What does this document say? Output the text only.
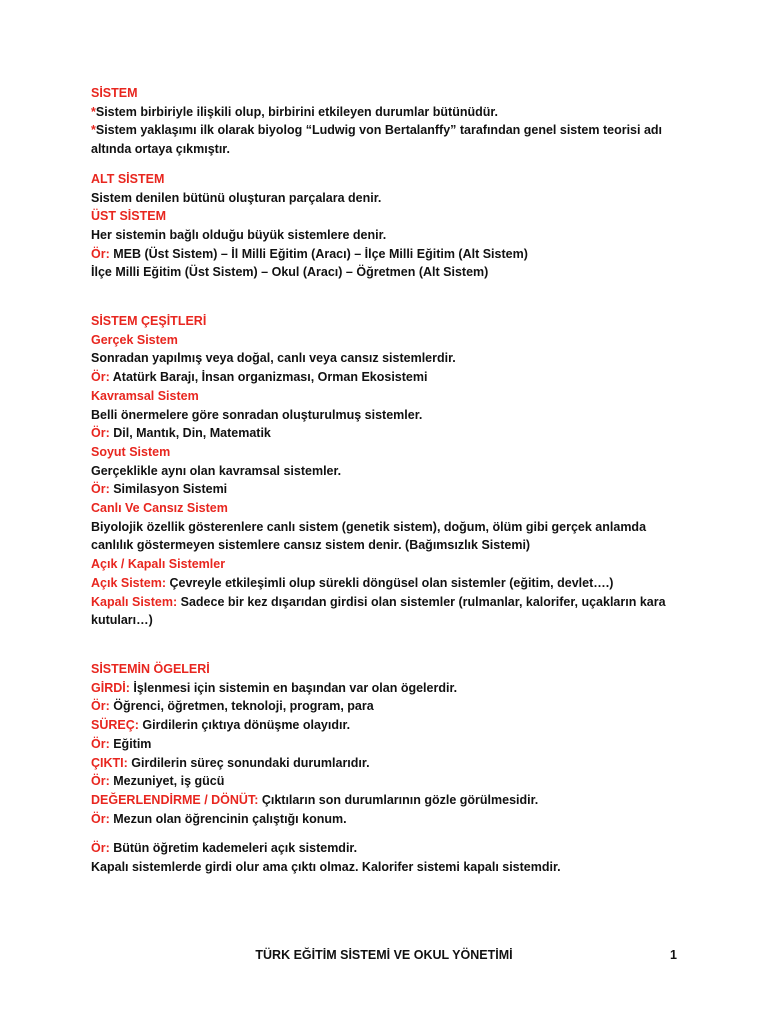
SİSTEM
*Sistem birbiriyle ilişkili olup, birbirini etkileyen durumlar bütünüdür.
*Sistem yaklaşımı ilk olarak biyolog “Ludwig von Bertalanffy” tarafından genel sistem teorisi adı altında ortaya çıkmıştır.
ALT SİSTEM
Sistem denilen bütünü oluşturan parçalara denir.
ÜST SİSTEM
Her sistemin bağlı olduğu büyük sistemlere denir.
Ör: MEB (Üst Sistem) – İl Milli Eğitim (Aracı) – İlçe Milli Eğitim (Alt Sistem)
İlçe Milli Eğitim (Üst Sistem) – Okul (Aracı) – Öğretmen (Alt Sistem)
SİSTEM ÇEŞİTLERİ
Gerçek Sistem
Sonradan yapılmış veya doğal, canlı veya cansız sistemlerdir.
Ör: Atatürk Barajı, İnsan organizması, Orman Ekosistemi
Kavramsal Sistem
Belli önermelere göre sonradan oluşturulmuş sistemler.
Ör: Dil, Mantık, Din, Matematik
Soyut Sistem
Gerçeklikle aynı olan kavramsal sistemler.
Ör: Similasyon Sistemi
Canlı Ve Cansız Sistem
Biyolojik özellik gösterenlere canlı sistem (genetik sistem), doğum, ölüm gibi gerçek anlamda canlılık göstermeyen sistemlere cansız sistem denir. (Bağımsızlık Sistemi)
Açık / Kapalı Sistemler
Açık Sistem: Çevreyle etkileşimli olup sürekli döngüsel olan sistemler (eğitim, devlet….)
Kapalı Sistem: Sadece bir kez dışarıdan girdisi olan sistemler (rulmanlar, kalorifer, uçakların kara kutuları…)
SİSTEMİN ÖGELERİ
GİRDİ: İşlenmesi için sistemin en başından var olan ögelerdir.
Ör: Öğrenci, öğretmen, teknoloji, program, para
SÜREÇ: Girdilerin çıktıya dönüşme olayıdır.
Ör: Eğitim
ÇIKTI: Girdilerin süreç sonundaki durumlarıdır.
Ör: Mezuniyet, iş gücü
DEĞERLENDİRME / DÖNÜT: Çıktıların son durumlarının gözle görülmesidir.
Ör: Mezun olan öğrencinin çalıştığı konum.
Ör: Bütün öğretim kademeleri açık sistemdir.
Kapalı sistemlerde girdi olur ama çıktı olmaz. Kalorifer sistemi kapalı sistemdir.
TÜRK EĞİTİM SİSTEMİ VE OKUL YÖNETİMİ	1
